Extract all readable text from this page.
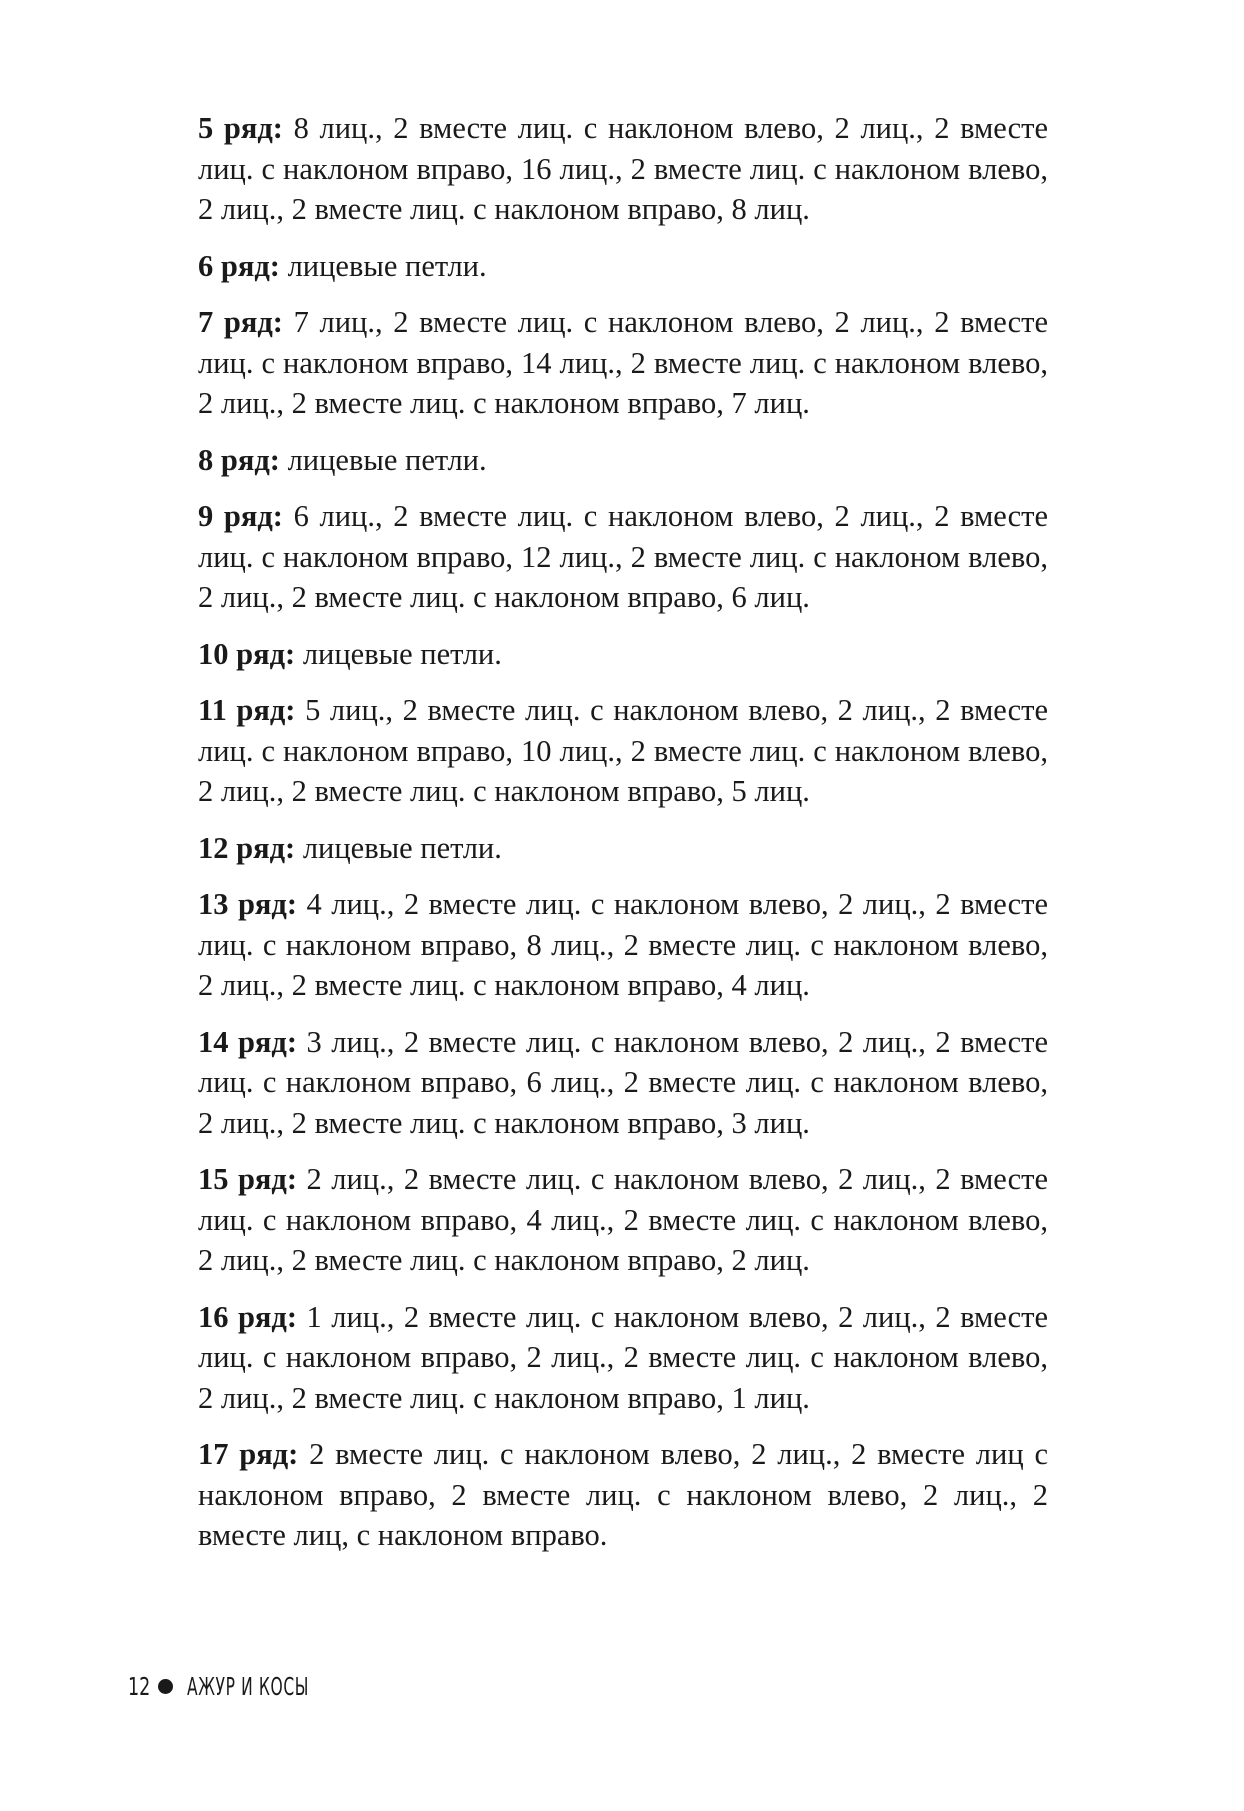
5 ряд: 8 лиц., 2 вместе лиц. с наклоном влево, 2 лиц., 2 вместе лиц. с наклоном вправо, 16 лиц., 2 вместе лиц. с наклоном влево, 2 лиц., 2 вместе лиц. с наклоном вправо, 8 лиц.

6 ряд: лицевые петли.

7 ряд: 7 лиц., 2 вместе лиц. с наклоном влево, 2 лиц., 2 вместе лиц. с наклоном вправо, 14 лиц., 2 вместе лиц. с наклоном влево, 2 лиц., 2 вместе лиц. с наклоном вправо, 7 лиц.

8 ряд: лицевые петли.

9 ряд: 6 лиц., 2 вместе лиц. с наклоном влево, 2 лиц., 2 вместе лиц. с наклоном вправо, 12 лиц., 2 вместе лиц. с наклоном влево, 2 лиц., 2 вместе лиц. с наклоном вправо, 6 лиц.

10 ряд: лицевые петли.

11 ряд: 5 лиц., 2 вместе лиц. с наклоном влево, 2 лиц., 2 вместе лиц. с наклоном вправо, 10 лиц., 2 вместе лиц. с наклоном влево, 2 лиц., 2 вместе лиц. с наклоном вправо, 5 лиц.

12 ряд: лицевые петли.

13 ряд: 4 лиц., 2 вместе лиц. с наклоном влево, 2 лиц., 2 вместе лиц. с наклоном вправо, 8 лиц., 2 вместе лиц. с наклоном влево, 2 лиц., 2 вместе лиц. с наклоном вправо, 4 лиц.

14 ряд: 3 лиц., 2 вместе лиц. с наклоном влево, 2 лиц., 2 вместе лиц. с наклоном вправо, 6 лиц., 2 вместе лиц. с наклоном влево, 2 лиц., 2 вместе лиц. с наклоном вправо, 3 лиц.

15 ряд: 2 лиц., 2 вместе лиц. с наклоном влево, 2 лиц., 2 вместе лиц. с наклоном вправо, 4 лиц., 2 вместе лиц. с наклоном влево, 2 лиц., 2 вместе лиц. с наклоном вправо, 2 лиц.

16 ряд: 1 лиц., 2 вместе лиц. с наклоном влево, 2 лиц., 2 вместе лиц. с наклоном вправо, 2 лиц., 2 вместе лиц. с наклоном влево, 2 лиц., 2 вместе лиц. с наклоном вправо, 1 лиц.

17 ряд: 2 вместе лиц. с наклоном влево, 2 лиц., 2 вместе лиц с наклоном вправо, 2 вместе лиц. с наклоном влево, 2 лиц., 2 вместе лиц, с наклоном вправо.

12 АЖУР И КОСЫ
